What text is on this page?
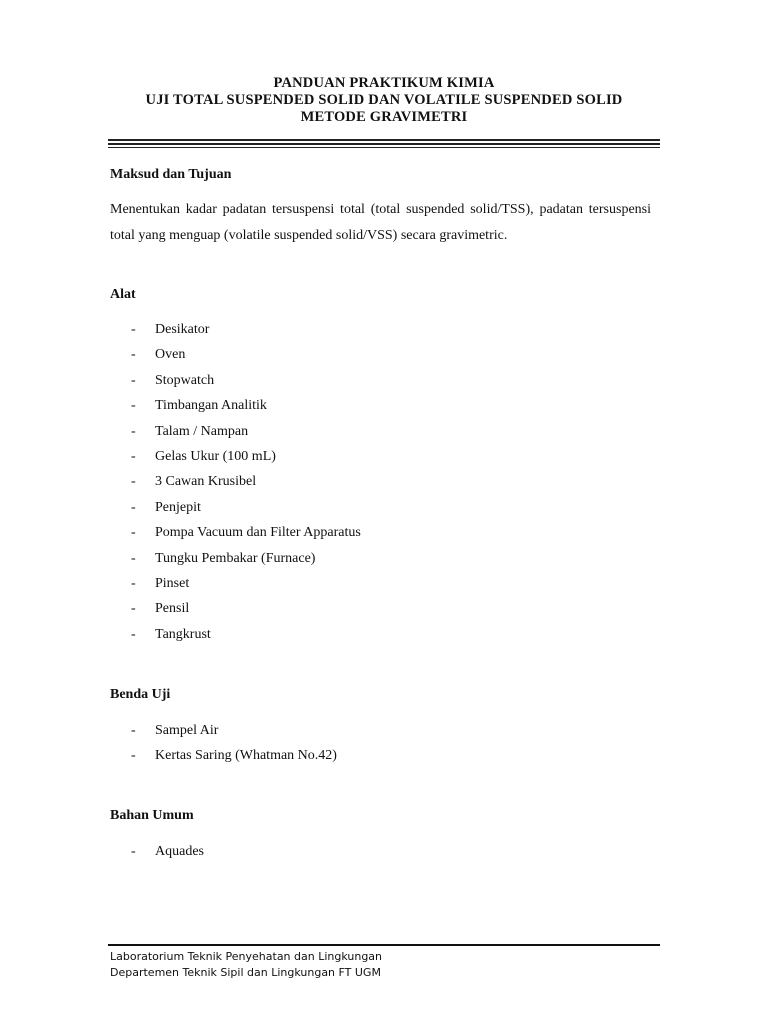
PANDUAN PRAKTIKUM KIMIA
UJI TOTAL SUSPENDED SOLID DAN VOLATILE SUSPENDED SOLID
METODE GRAVIMETRI
Maksud dan Tujuan
Menentukan kadar padatan tersuspensi total (total suspended solid/TSS), padatan tersuspensi total yang menguap (volatile suspended solid/VSS) secara gravimetric.
Alat
- Desikator
- Oven
- Stopwatch
- Timbangan Analitik
- Talam / Nampan
- Gelas Ukur (100 mL)
- 3 Cawan Krusibel
- Penjepit
- Pompa Vacuum dan Filter Apparatus
- Tungku Pembakar (Furnace)
- Pinset
- Pensil
- Tangkrust
Benda Uji
- Sampel Air
- Kertas Saring (Whatman No.42)
Bahan Umum
- Aquades
Laboratorium Teknik Penyehatan dan Lingkungan
Departemen Teknik Sipil dan Lingkungan FT UGM
